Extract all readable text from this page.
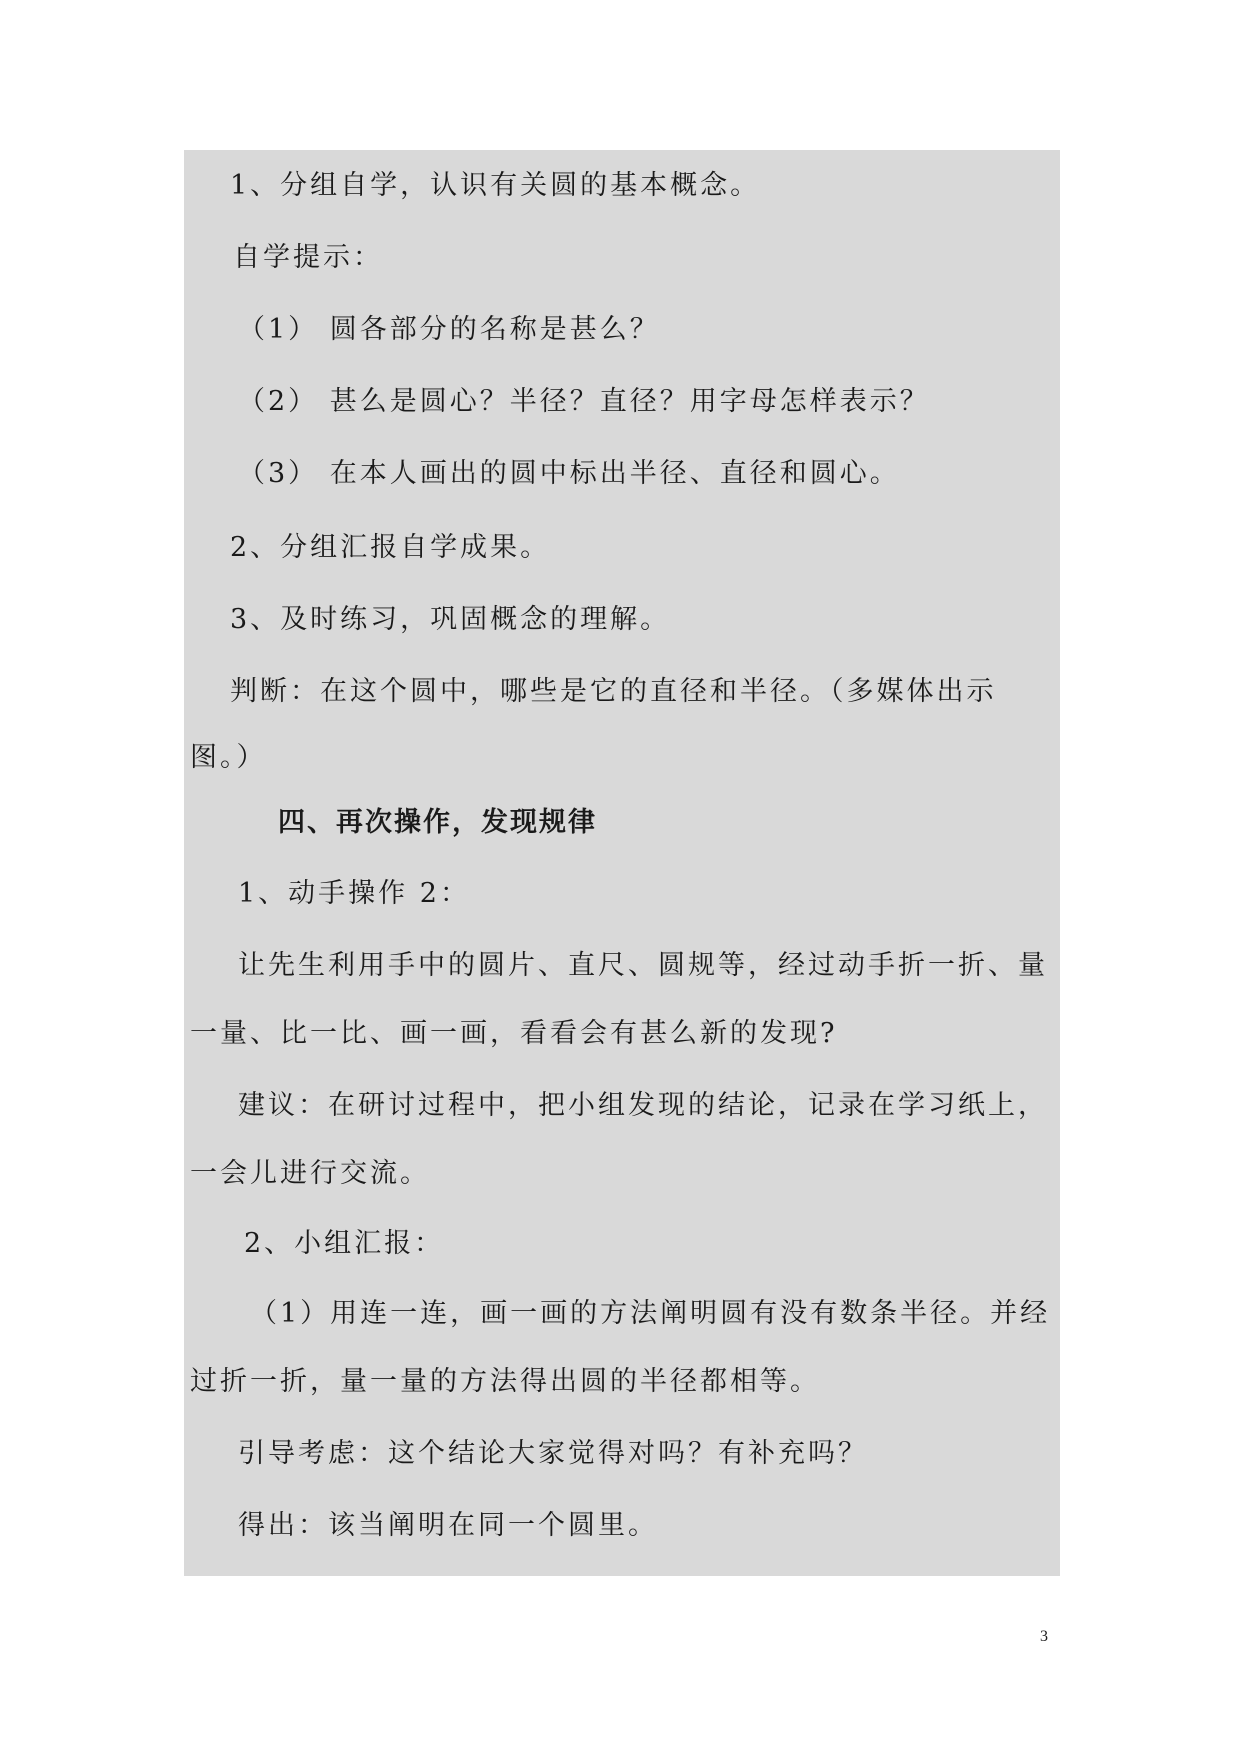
1、分组自学，认识有关圆的基本概念。
自学提示：
（1） 圆各部分的名称是甚么？
（2） 甚么是圆心？半径？直径？用字母怎样表示？
（3） 在本人画出的圆中标出半径、直径和圆心。
2、分组汇报自学成果。
3、及时练习，巩固概念的理解。
判断：在这个圆中，哪些是它的直径和半径。（多媒体出示
图。）
四、再次操作，发现规律
1、动手操作 2：
让先生利用手中的圆片、直尺、圆规等，经过动手折一折、量
一量、比一比、画一画，看看会有甚么新的发现?
建议：在研讨过程中，把小组发现的结论，记录在学习纸上，
一会儿进行交流。
2、小组汇报：
（1）用连一连，画一画的方法阐明圆有没有数条半径。并经
过折一折，量一量的方法得出圆的半径都相等。
引导考虑：这个结论大家觉得对吗？有补充吗？
得出：该当阐明在同一个圆里。
3
